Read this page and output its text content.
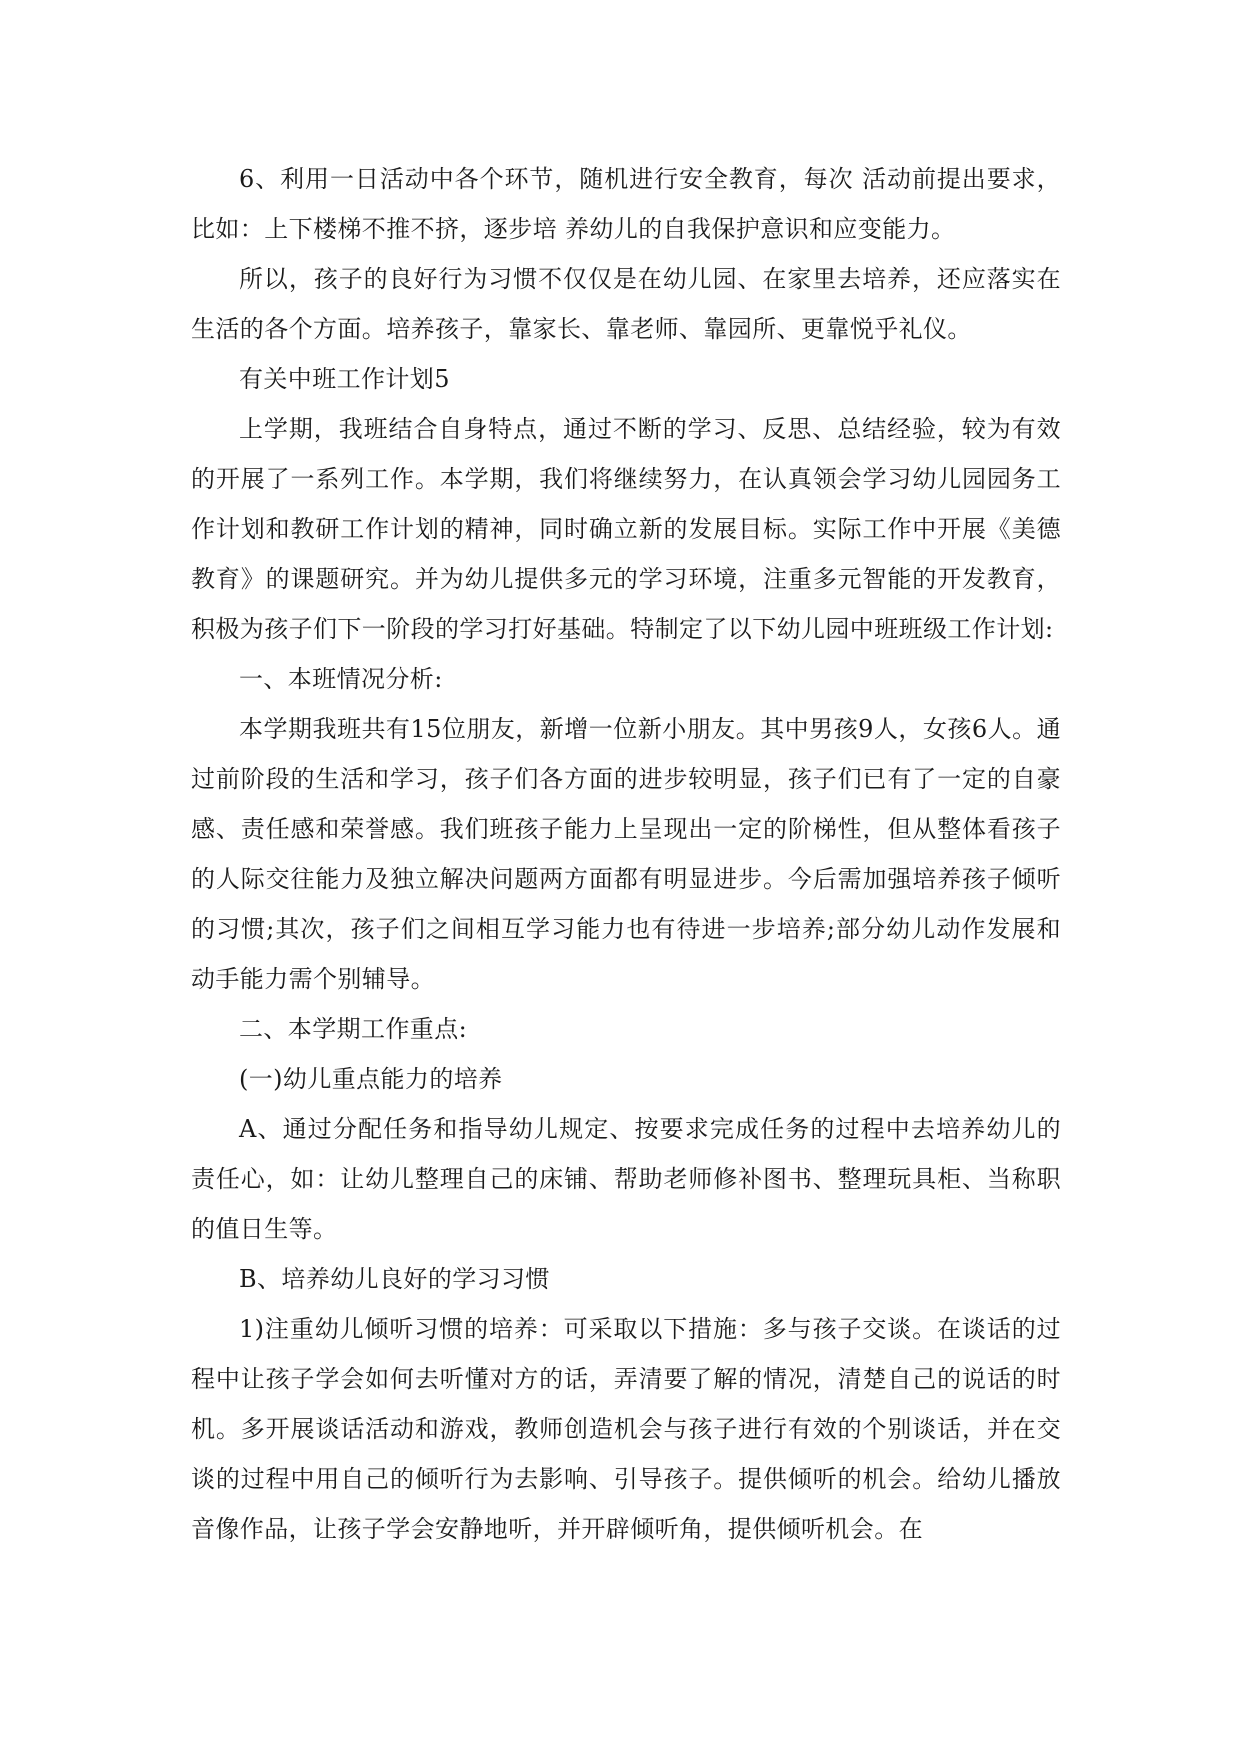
6、利用一日活动中各个环节，随机进行安全教育，每次 活动前提出要求，比如：上下楼梯不推不挤，逐步培 养幼儿的自我保护意识和应变能力。

所以，孩子的良好行为习惯不仅仅是在幼儿园、在家里去培养，还应落实在生活的各个方面。培养孩子，靠家长、靠老师、靠园所、更靠悦乎礼仪。

有关中班工作计划5

上学期，我班结合自身特点，通过不断的学习、反思、总结经验，较为有效的开展了一系列工作。本学期，我们将继续努力，在认真领会学习幼儿园园务工作计划和教研工作计划的精神，同时确立新的发展目标。实际工作中开展《美德教育》的课题研究。并为幼儿提供多元的学习环境，注重多元智能的开发教育，积极为孩子们下一阶段的学习打好基础。特制定了以下幼儿园中班班级工作计划:

一、本班情况分析:

本学期我班共有15位朋友，新增一位新小朋友。其中男孩9人，女孩6人。通过前阶段的生活和学习，孩子们各方面的进步较明显，孩子们已有了一定的自豪感、责任感和荣誉感。我们班孩子能力上呈现出一定的阶梯性，但从整体看孩子的人际交往能力及独立解决问题两方面都有明显进步。今后需加强培养孩子倾听的习惯;其次，孩子们之间相互学习能力也有待进一步培养;部分幼儿动作发展和动手能力需个别辅导。

二、本学期工作重点:

(一)幼儿重点能力的培养

A、通过分配任务和指导幼儿规定、按要求完成任务的过程中去培养幼儿的责任心，如：让幼儿整理自己的床铺、帮助老师修补图书、整理玩具柜、当称职的值日生等。

B、培养幼儿良好的学习习惯

1)注重幼儿倾听习惯的培养：可采取以下措施：多与孩子交谈。在谈话的过程中让孩子学会如何去听懂对方的话，弄清要了解的情况，清楚自己的说话的时机。多开展谈话活动和游戏，教师创造机会与孩子进行有效的个别谈话，并在交谈的过程中用自己的倾听行为去影响、引导孩子。提供倾听的机会。给幼儿播放音像作品，让孩子学会安静地听，并开辟倾听角，提供倾听机会。在
